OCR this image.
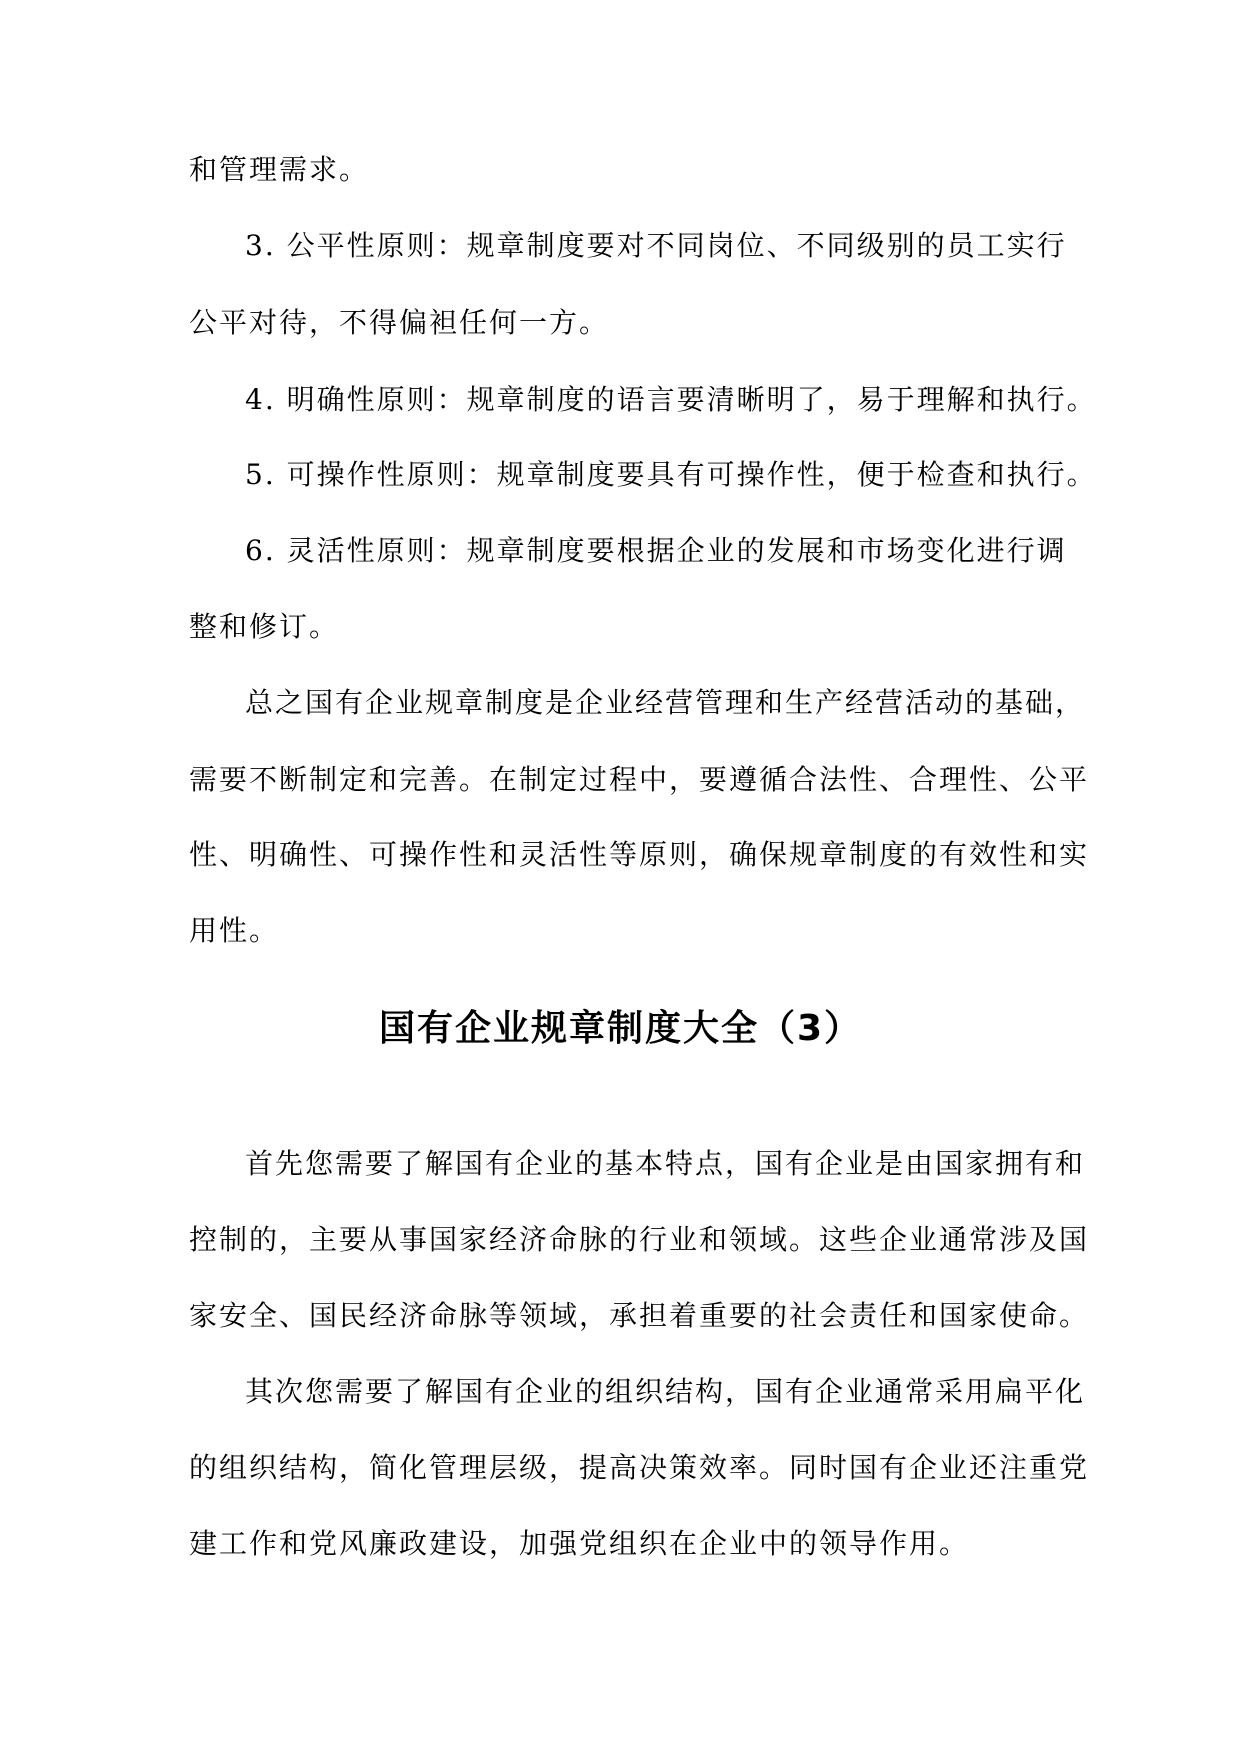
和管理需求。
3. 公平性原则：规章制度要对不同岗位、不同级别的员工实行
公平对待，不得偏袒任何一方。
4. 明确性原则：规章制度的语言要清晰明了，易于理解和执行。
5. 可操作性原则：规章制度要具有可操作性，便于检查和执行。
6. 灵活性原则：规章制度要根据企业的发展和市场变化进行调
整和修订。
总之国有企业规章制度是企业经营管理和生产经营活动的基础，
需要不断制定和完善。在制定过程中，要遵循合法性、合理性、公平
性、明确性、可操作性和灵活性等原则，确保规章制度的有效性和实
用性。
国有企业规章制度大全（3）
首先您需要了解国有企业的基本特点，国有企业是由国家拥有和
控制的，主要从事国家经济命脉的行业和领域。这些企业通常涉及国
家安全、国民经济命脉等领域，承担着重要的社会责任和国家使命。
其次您需要了解国有企业的组织结构，国有企业通常采用扁平化
的组织结构，简化管理层级，提高决策效率。同时国有企业还注重党
建工作和党风廉政建设，加强党组织在企业中的领导作用。
